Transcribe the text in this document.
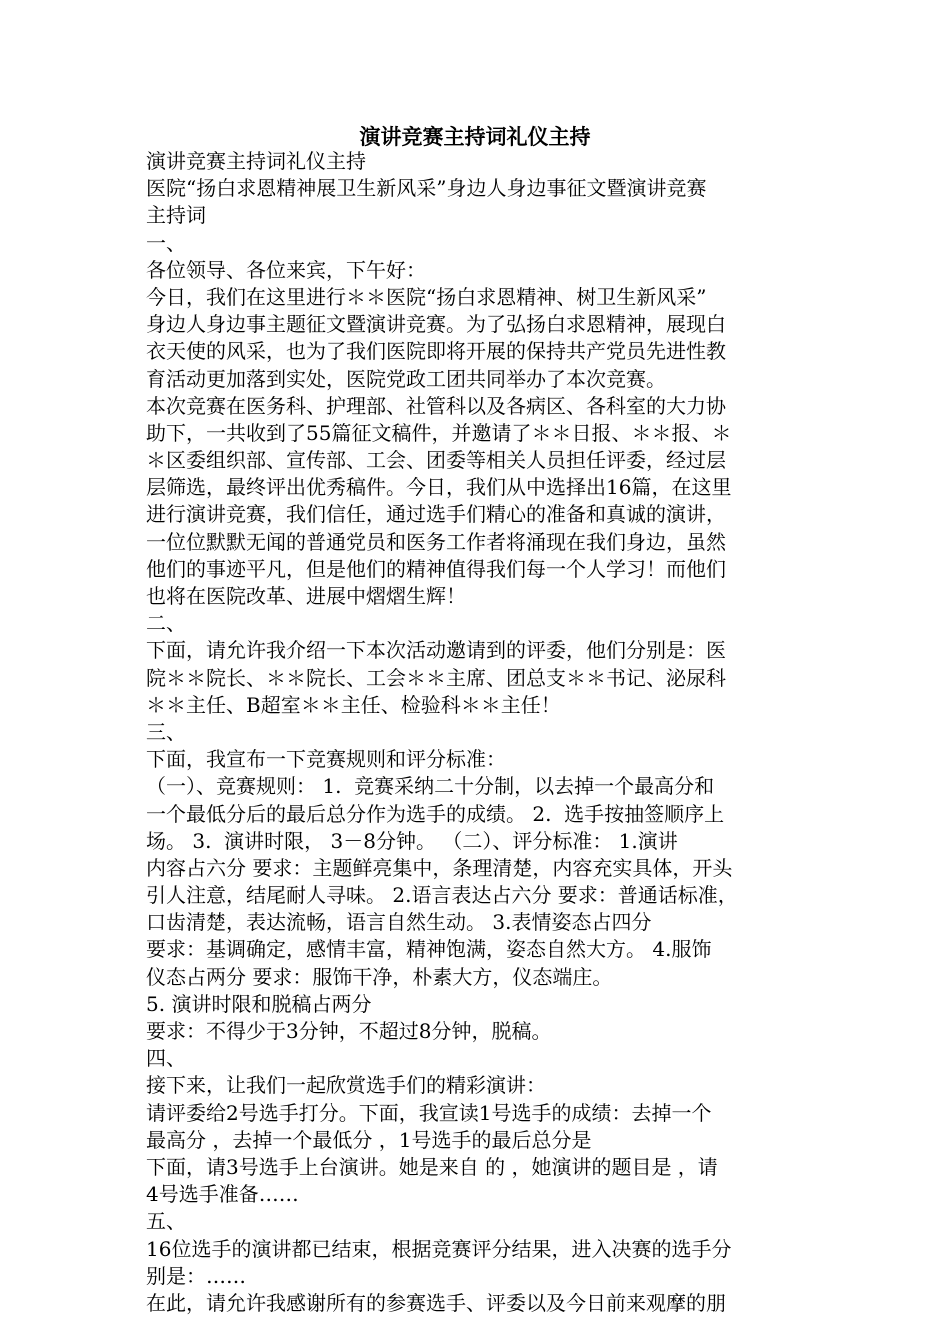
演讲竞赛主持词礼仪主持
演讲竞赛主持词礼仪主持
医院“扬白求恩精神展卫生新风采”身边人身边事征文暨演讲竞赛
主持词
一、
各位领导、各位来宾，下午好：
今日，我们在这里进行＊＊医院“扬白求恩精神、树卫生新风采”
身边人身边事主题征文暨演讲竞赛。为了弘扬白求恩精神，展现白
衣天使的风采，也为了我们医院即将开展的保持共产党员先进性教
育活动更加落到实处，医院党政工团共同举办了本次竞赛。
本次竞赛在医务科、护理部、社管科以及各病区、各科室的大力协
助下，一共收到了55篇征文稿件，并邀请了＊＊日报、＊＊报、＊
＊区委组织部、宣传部、工会、团委等相关人员担任评委，经过层
层筛选，最终评出优秀稿件。今日，我们从中选择出16篇，在这里
进行演讲竞赛，我们信任，通过选手们精心的准备和真诚的演讲，
一位位默默无闻的普通党员和医务工作者将涌现在我们身边，虽然
他们的事迹平凡，但是他们的精神值得我们每一个人学习！而他们
也将在医院改革、进展中熠熠生辉！
二、
下面，请允许我介绍一下本次活动邀请到的评委，他们分别是：医
院＊＊院长、＊＊院长、工会＊＊主席、团总支＊＊书记、泌尿科
＊＊主任、B超室＊＊主任、检验科＊＊主任！
三、
下面，我宣布一下竞赛规则和评分标准：
（一）、竞赛规则： 1.  竞赛采纳二十分制，以去掉一个最高分和
一个最低分后的最后总分作为选手的成绩。 2.  选手按抽签顺序上
场。 3.  演讲时限， 3－8分钟。 （二）、评分标准： 1.演讲
内容占六分 要求：主题鲜亮集中，条理清楚，内容充实具体，开头
引人注意，结尾耐人寻味。 2.语言表达占六分 要求：普通话标准，
口齿清楚，表达流畅，语言自然生动。 3.表情姿态占四分
要求：基调确定，感情丰富，精神饱满，姿态自然大方。 4.服饰
仪态占两分 要求：服饰干净，朴素大方，仪态端庄。
5. 演讲时限和脱稿占两分
要求：不得少于3分钟，不超过8分钟，脱稿。
四、
接下来，让我们一起欣赏选手们的精彩演讲：
请评委给2号选手打分。下面，我宣读1号选手的成绩：去掉一个
最高分 ，去掉一个最低分 ，1号选手的最后总分是
下面，请3号选手上台演讲。她是来自 的 ，她演讲的题目是 ，请
4号选手准备……
五、
16位选手的演讲都已结束，根据竞赛评分结果，进入决赛的选手分
别是：……
在此，请允许我感谢所有的参赛选手、评委以及今日前来观摩的朋
